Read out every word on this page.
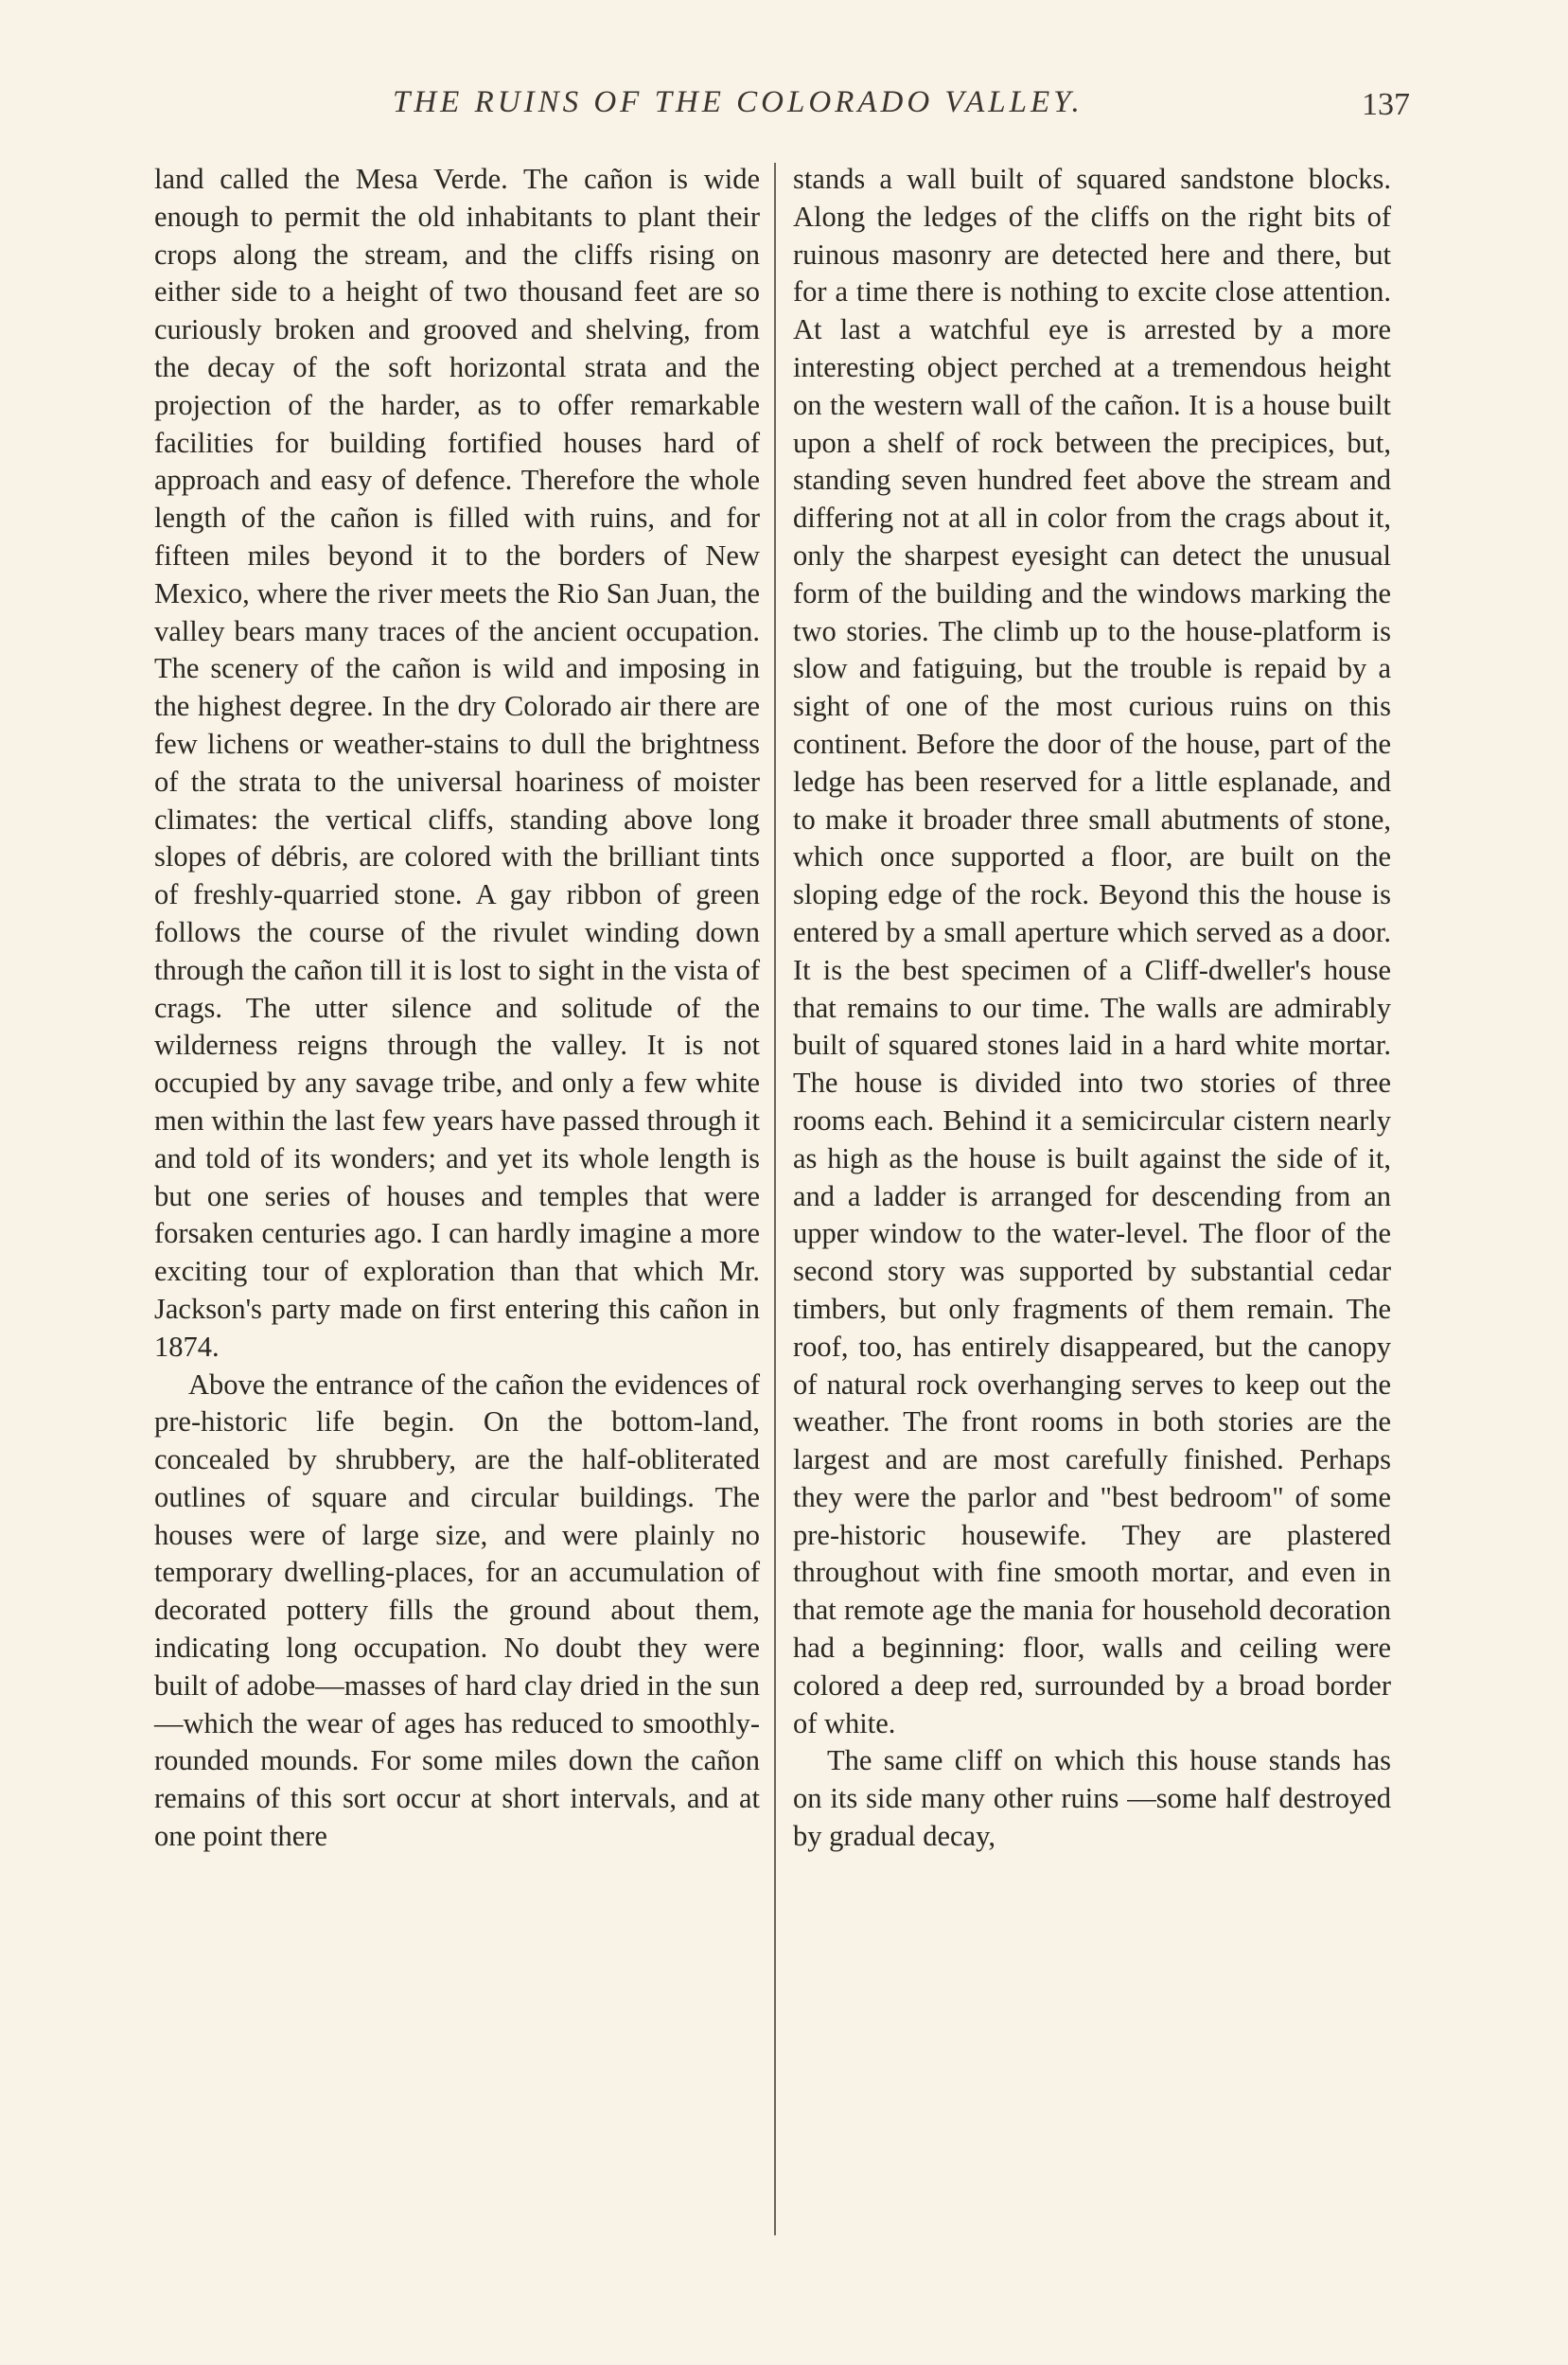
THE RUINS OF THE COLORADO VALLEY.	137

land called the Mesa Verde. The cañon is wide enough to permit the old inhabitants to plant their crops along the stream, and the cliffs rising on either side to a height of two thousand feet are so curiously broken and grooved and shelving, from the decay of the soft horizontal strata and the projection of the harder, as to offer remarkable facilities for building fortified houses hard of approach and easy of defence. Therefore the whole length of the cañon is filled with ruins, and for fifteen miles beyond it to the borders of New Mexico, where the river meets the Rio San Juan, the valley bears many traces of the ancient occupation. The scenery of the cañon is wild and imposing in the highest degree. In the dry Colorado air there are few lichens or weather-stains to dull the brightness of the strata to the universal hoariness of moister climates: the vertical cliffs, standing above long slopes of débris, are colored with the brilliant tints of freshly-quarried stone. A gay ribbon of green follows the course of the rivulet winding down through the cañon till it is lost to sight in the vista of crags. The utter silence and solitude of the wilderness reigns through the valley. It is not occupied by any savage tribe, and only a few white men within the last few years have passed through it and told of its wonders; and yet its whole length is but one series of houses and temples that were forsaken centuries ago. I can hardly imagine a more exciting tour of exploration than that which Mr. Jackson's party made on first entering this cañon in 1874.

Above the entrance of the cañon the evidences of pre-historic life begin. On the bottom-land, concealed by shrubbery, are the half-obliterated outlines of square and circular buildings. The houses were of large size, and were plainly no temporary dwelling-places, for an accumulation of decorated pottery fills the ground about them, indicating long occupation. No doubt they were built of adobe—masses of hard clay dried in the sun—which the wear of ages has reduced to smoothly-rounded mounds. For some miles down the cañon remains of this sort occur at short intervals, and at one point there

stands a wall built of squared sandstone blocks. Along the ledges of the cliffs on the right bits of ruinous masonry are detected here and there, but for a time there is nothing to excite close attention. At last a watchful eye is arrested by a more interesting object perched at a tremendous height on the western wall of the cañon. It is a house built upon a shelf of rock between the precipices, but, standing seven hundred feet above the stream and differing not at all in color from the crags about it, only the sharpest eyesight can detect the unusual form of the building and the windows marking the two stories. The climb up to the house-platform is slow and fatiguing, but the trouble is repaid by a sight of one of the most curious ruins on this continent. Before the door of the house, part of the ledge has been reserved for a little esplanade, and to make it broader three small abutments of stone, which once supported a floor, are built on the sloping edge of the rock. Beyond this the house is entered by a small aperture which served as a door. It is the best specimen of a Cliff-dweller's house that remains to our time. The walls are admirably built of squared stones laid in a hard white mortar. The house is divided into two stories of three rooms each. Behind it a semicircular cistern nearly as high as the house is built against the side of it, and a ladder is arranged for descending from an upper window to the water-level. The floor of the second story was supported by substantial cedar timbers, but only fragments of them remain. The roof, too, has entirely disappeared, but the canopy of natural rock overhanging serves to keep out the weather. The front rooms in both stories are the largest and are most carefully finished. Perhaps they were the parlor and "best bedroom" of some pre-historic housewife. They are plastered throughout with fine smooth mortar, and even in that remote age the mania for household decoration had a beginning: floor, walls and ceiling were colored a deep red, surrounded by a broad border of white.

The same cliff on which this house stands has on its side many other ruins —some half destroyed by gradual decay,
